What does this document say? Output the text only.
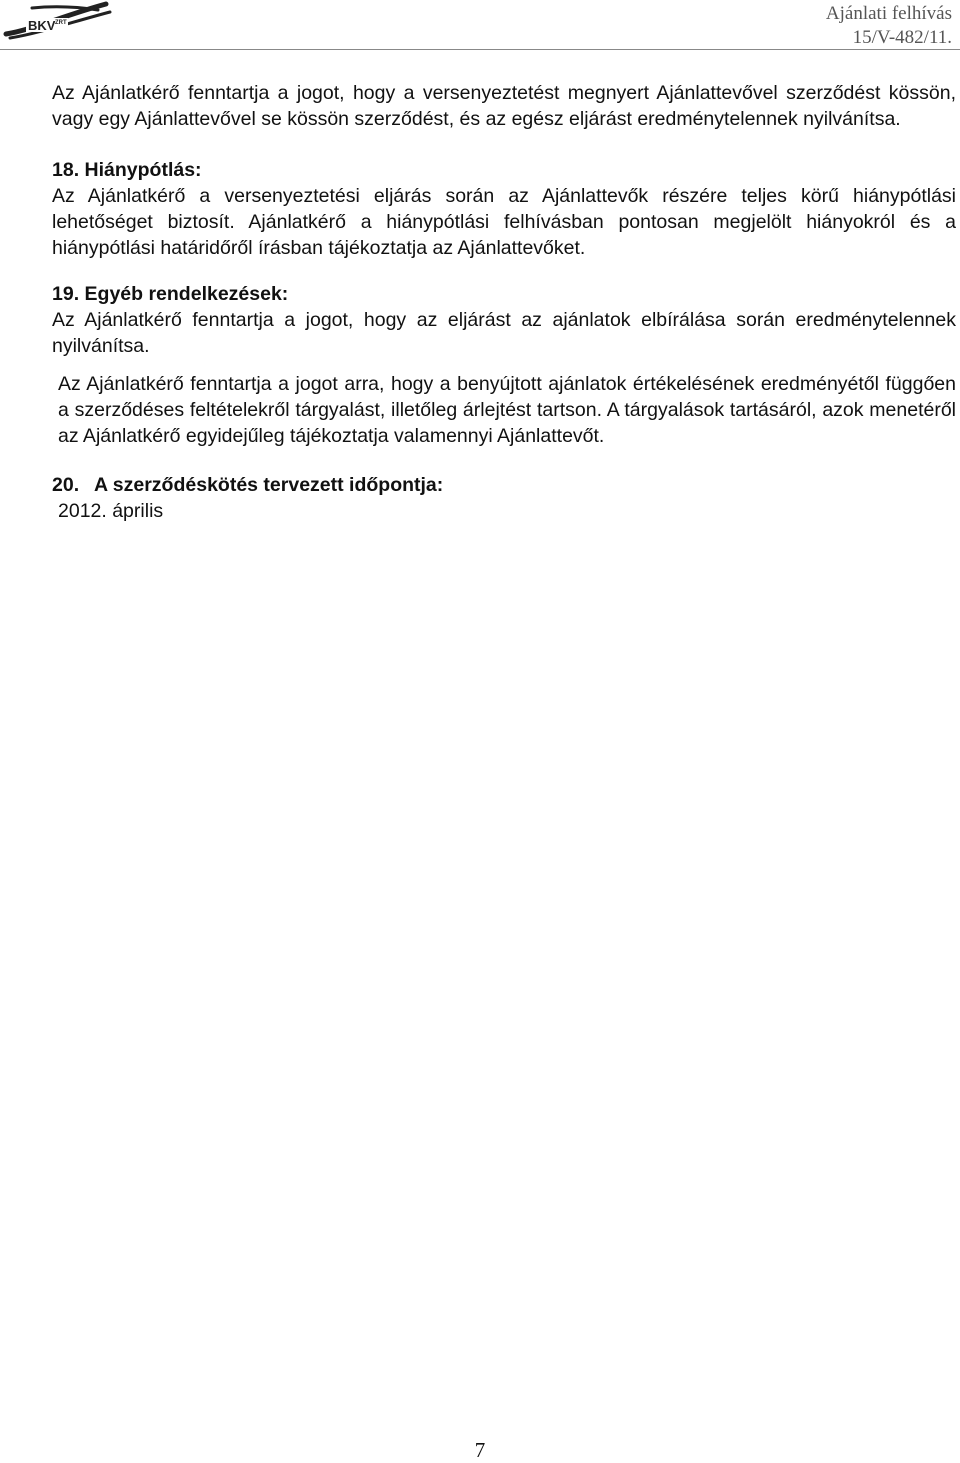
BKV ZRT	Ajánlati felhívás
15/V-482/11.

Az Ajánlatkérő fenntartja a jogot, hogy a versenyeztetést megnyert Ajánlattevővel szerződést kössön, vagy egy Ajánlattevővel se kössön szerződést, és az egész eljárást eredménytelennek nyilvánítsa.

18. Hiánypótlás:

Az Ajánlatkérő a versenyeztetési eljárás során az Ajánlattevők részére teljes körű hiánypótlási lehetőséget biztosít. Ajánlatkérő a hiánypótlási felhívásban pontosan megjelölt hiányokról és a hiánypótlási határidőről írásban tájékoztatja az Ajánlattevőket.

19. Egyéb rendelkezések:

Az Ajánlatkérő fenntartja a jogot, hogy az eljárást az ajánlatok elbírálása során eredménytelennek nyilvánítsa.

Az Ajánlatkérő fenntartja a jogot arra, hogy a benyújtott ajánlatok értékelésének eredményétől függően a szerződéses feltételekről tárgyalást, illetőleg árlejtést tartson. A tárgyalások tartásáról, azok menetéről az Ajánlatkérő egyidejűleg tájékoztatja valamennyi Ajánlattevőt.

20. A szerződéskötés tervezett időpontja:

2012. április

7
